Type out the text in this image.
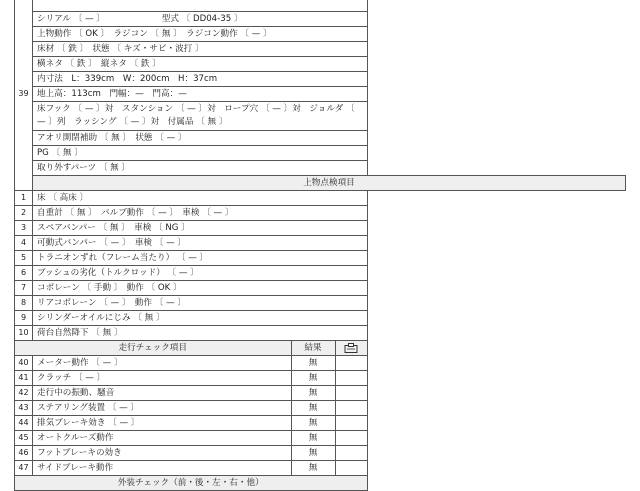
39			

	シリアル 〔 — 〕 型式 〔 DD04-35 〕		

	上物動作 〔 OK 〕　ラジコン 〔 無 〕　ラジコン動作 〔 — 〕		
	床材 〔 鉄 〕　状態 〔 キズ・サビ・波打 〕		
	横ネタ 〔 鉄 〕　縦ネタ 〔 鉄 〕		
	内寸法　L：339cm　W：200cm　H：37cm		
	地上高：113cm　門幅：—　門高：—		
	床フック 〔 — 〕対　スタンション 〔 — 〕対　ロープ穴 〔 — 〕対　ジョルダ 〔 — 〕列　ラッシング 〔 — 〕対　付属品 〔 無 〕		
	アオリ開閉補助 〔 無 〕　状態 〔 — 〕		
	PG 〔 無 〕		
	取り外すパーツ 〔 無 〕		
	上物点検項目		
1	床 〔 高床 〕		
2	自重計 〔 無 〕　バルブ動作 〔 — 〕　車検 〔 — 〕		
3	スペアバンパー 〔 無 〕　車検 〔 NG 〕		
4	可動式バンパー 〔 — 〕　車検 〔 — 〕		
5	トラニオンずれ（フレーム当たり） 〔 — 〕		
6	ブッシュの劣化（トルクロッド） 〔 — 〕		
7	コボレーン 〔 手動 〕　動作 〔 OK 〕		
8	リアコボレーン 〔 — 〕　動作 〔 — 〕		
9	シリンダーオイルにじみ 〔 無 〕		
10	荷台自然降下 〔 無 〕		
走行チェック項目		結果	
40	メーター動作 〔 — 〕	無	
41	クラッチ 〔 — 〕	無	
42	走行中の振動、騒音	無	
43	ステアリング装置 〔 — 〕	無	
44	排気ブレーキ効き 〔 — 〕	無	
45	オートクルーズ動作	無	
46	フットブレーキの効き	無	
47	サイドブレーキ動作	無	
外装チェック（前・後・左・右・他）			
